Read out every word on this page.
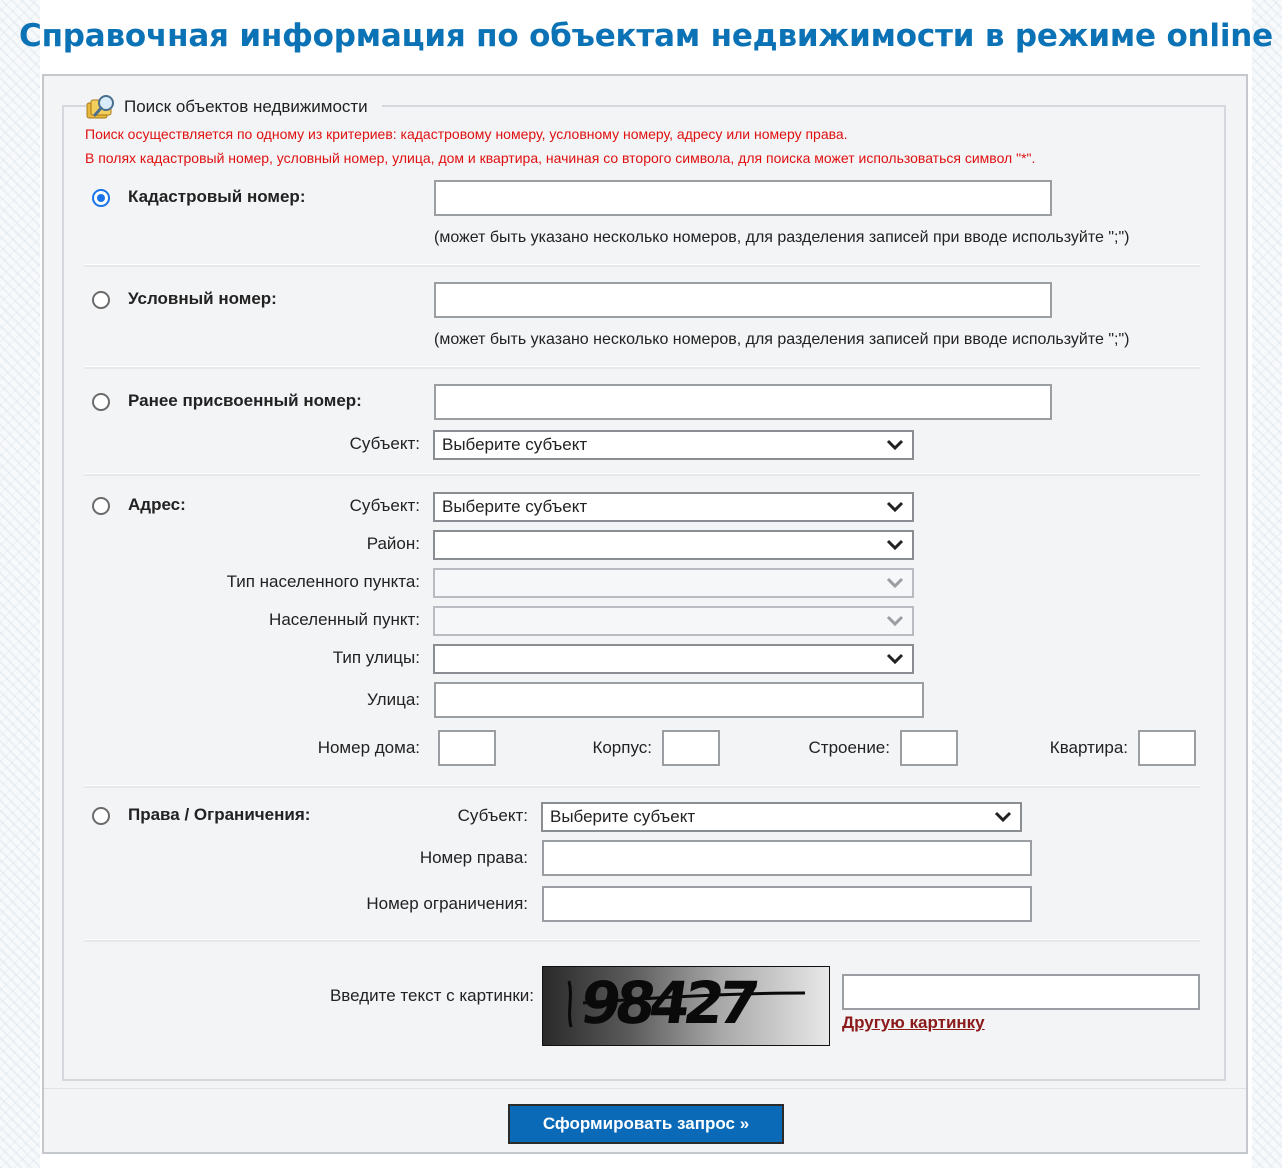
Справочная информация по объектам недвижимости в режиме online
Поиск объектов недвижимости
Поиск осуществляется по одному из критериев: кадастровому номеру, условному номеру, адресу или номеру права.
В полях кадастровый номер, условный номер, улица, дом и квартира, начиная со второго символа, для поиска может использоваться символ "*".
Кадастровый номер:
(может быть указано несколько номеров, для разделения записей при вводе используйте ";")
Условный номер:
(может быть указано несколько номеров, для разделения записей при вводе используйте ";")
Ранее присвоенный номер:
Субъект:	Выберите субъект
Адрес:	Субъект:	Выберите субъект
Район:
Тип населенного пункта:
Населенный пункт:
Тип улицы:
Улица:
Номер дома:	Корпус:	Строение:	Квартира:
Права / Ограничения:	Субъект:	Выберите субъект
Номер права:
Номер ограничения:
Введите текст с картинки: 98427	Другую картинку
Сформировать запрос »
